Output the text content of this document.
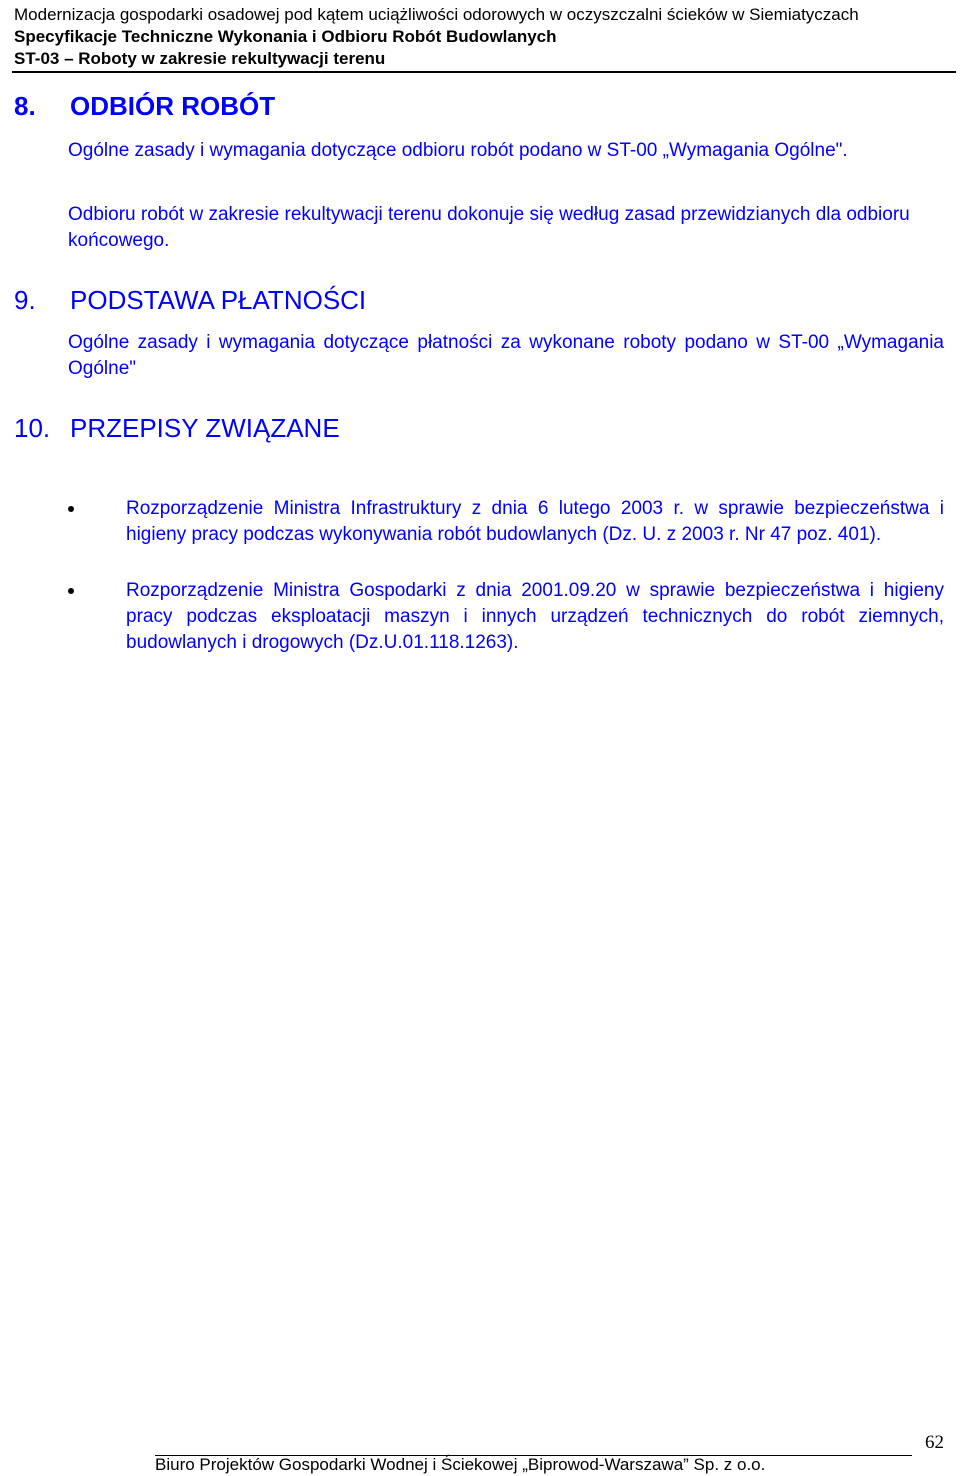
Modernizacja gospodarki osadowej pod kątem uciążliwości odorowych w oczyszczalni ścieków w Siemiatyczach
Specyfikacje Techniczne Wykonania i Odbioru Robót Budowlanych
ST-03 – Roboty w zakresie rekultywacji terenu
8. ODBIÓR ROBÓT
Ogólne zasady i wymagania dotyczące odbioru robót podano w ST-00 „Wymagania Ogólne".
Odbioru robót w zakresie rekultywacji terenu dokonuje się według zasad przewidzianych dla odbioru końcowego.
9. PODSTAWA PŁATNOŚCI
Ogólne zasady i wymagania dotyczące płatności za wykonane roboty podano w ST-00 „Wymagania Ogólne"
10. PRZEPISY ZWIĄZANE
Rozporządzenie Ministra Infrastruktury z dnia 6 lutego 2003 r. w sprawie bezpieczeństwa i higieny pracy podczas wykonywania robót budowlanych (Dz. U. z 2003 r. Nr 47 poz. 401).
Rozporządzenie Ministra Gospodarki z dnia 2001.09.20 w sprawie bezpieczeństwa i higieny pracy podczas eksploatacji maszyn i innych urządzeń technicznych do robót ziemnych, budowlanych i drogowych (Dz.U.01.118.1263).
62
Biuro Projektów Gospodarki Wodnej i Ściekowej „Biprowod-Warszawa” Sp. z o.o.
